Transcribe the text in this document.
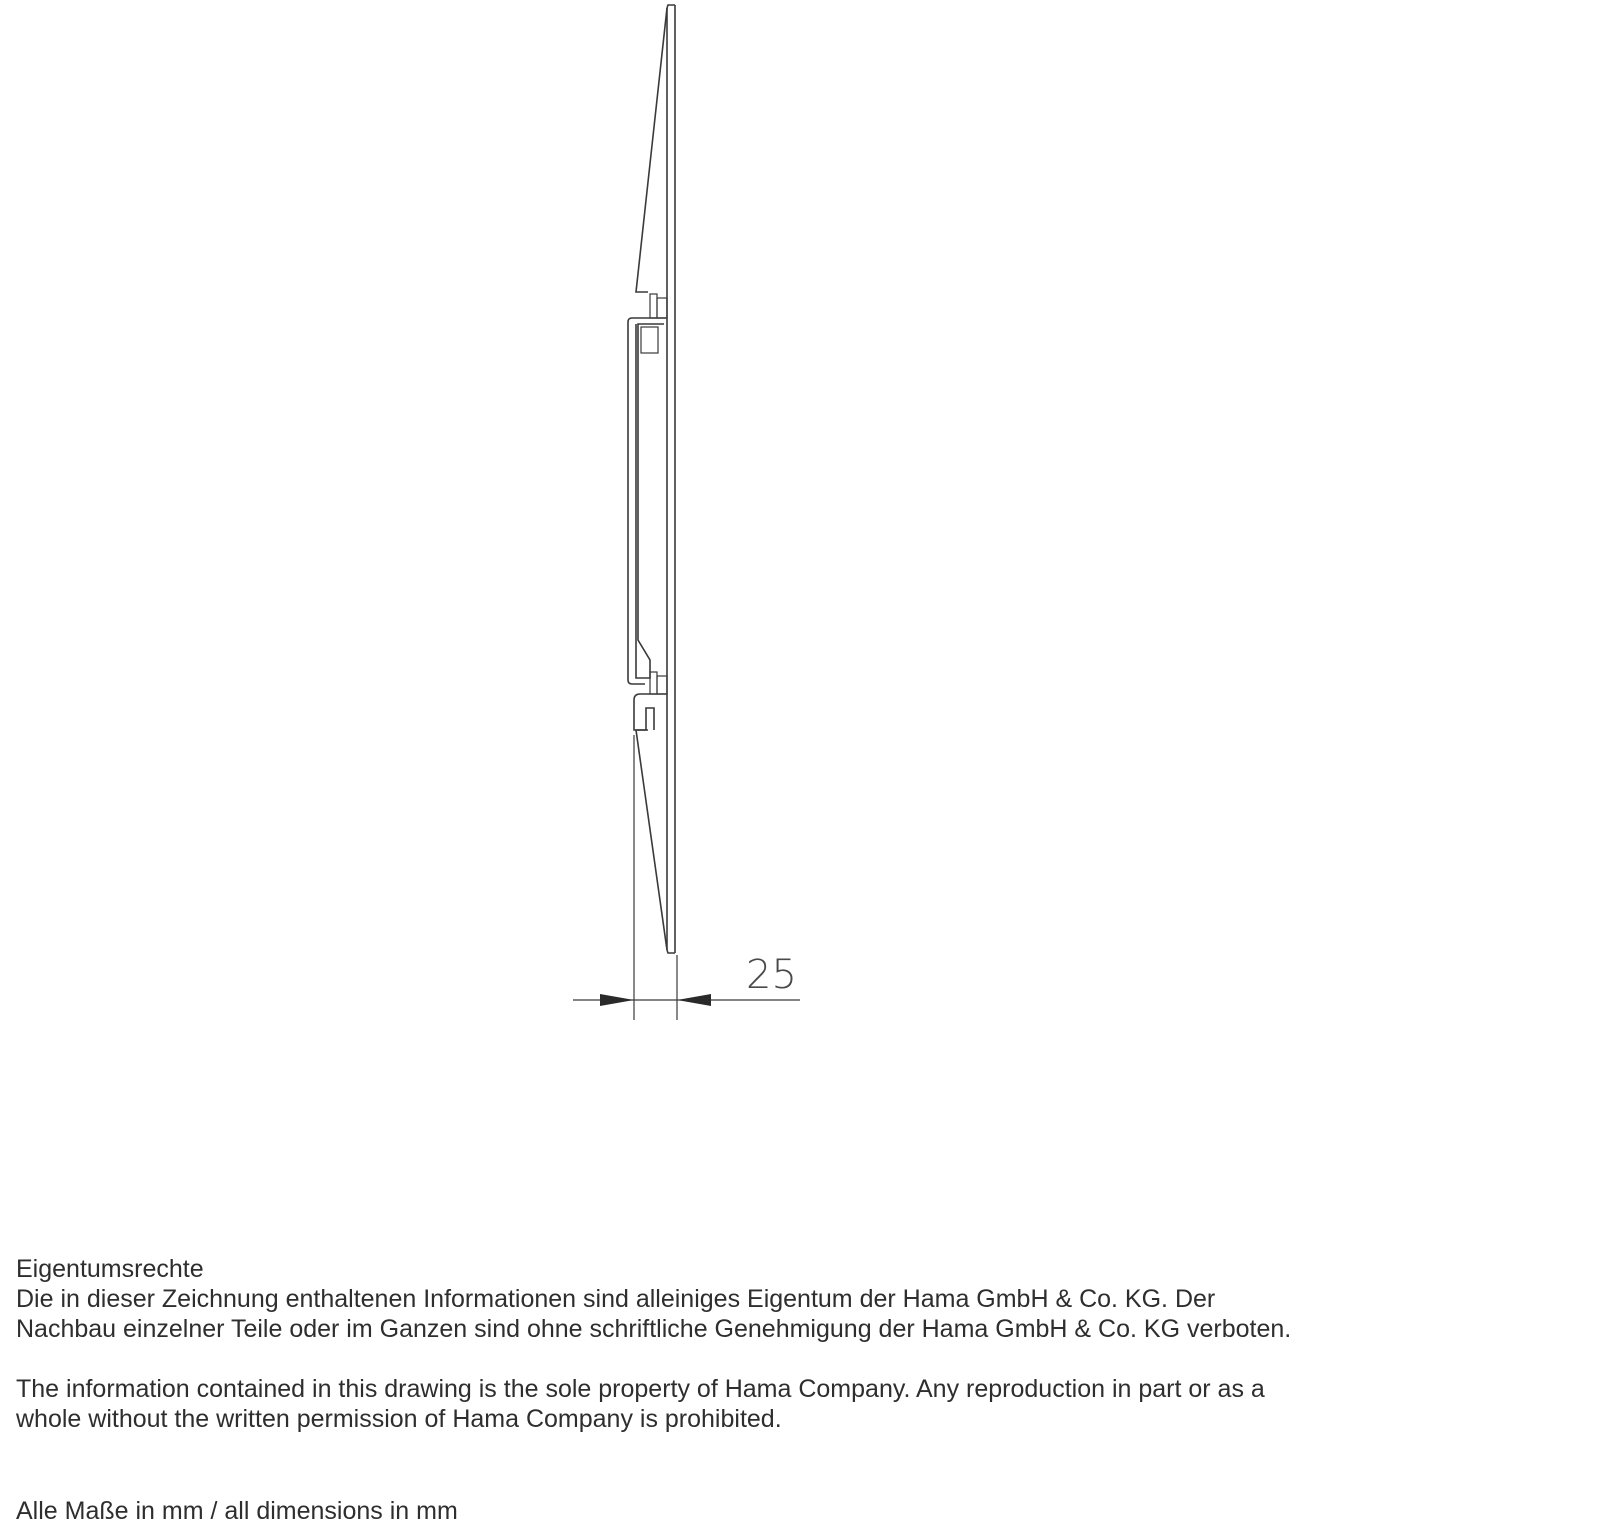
25
Eigentumsrechte
Die in dieser Zeichnung enthaltenen Informationen sind alleiniges Eigentum der Hama GmbH & Co. KG. Der
Nachbau einzelner Teile oder im Ganzen sind ohne schriftliche Genehmigung der Hama GmbH & Co. KG verboten.
The information contained in this drawing is the sole property of Hama Company. Any reproduction in part or as a
whole without the written permission of Hama Company is prohibited.
Alle Maße in mm / all dimensions in mm
